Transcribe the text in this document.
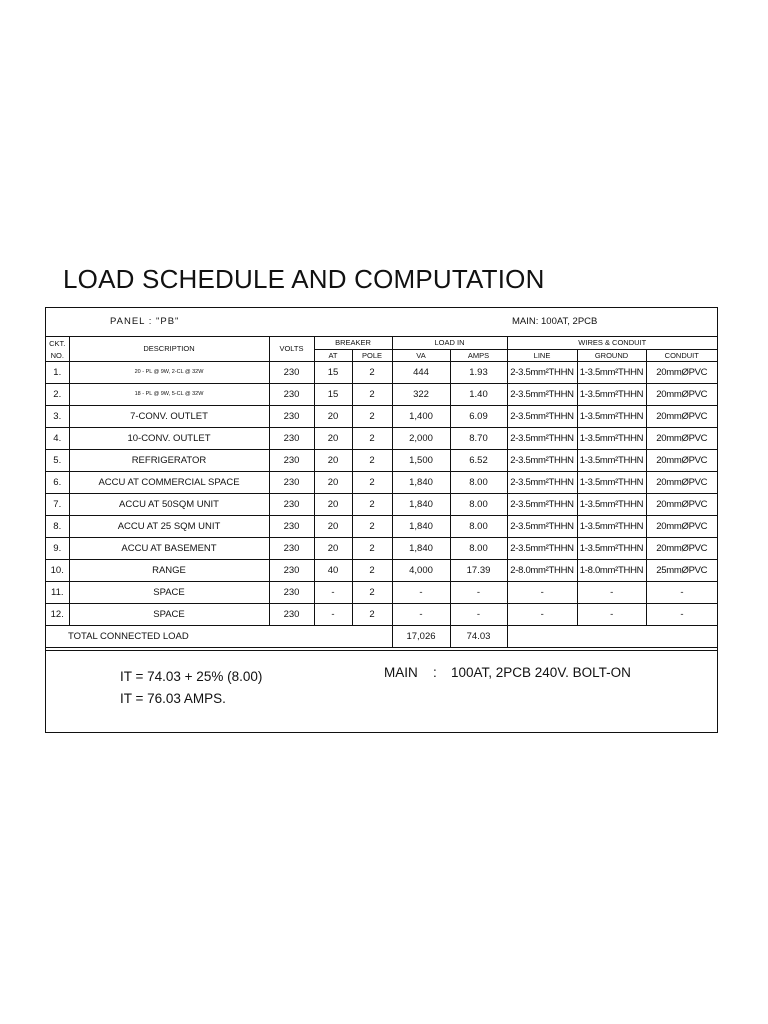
LOAD SCHEDULE AND COMPUTATION
PANEL : "PB"							MAIN: 100AT, 2PCB		
CKT.	DESCRIPTION	VOLTS	BREAKER		LOAD IN		WIRES & CONDUIT		
NO.			AT	POLE	VA	AMPS	LINE	GROUND	CONDUIT
1.	20 - PL @ 9W, 2-CL @ 32W	230	15	2	444	1.93	2-3.5mm²THHN	1-3.5mm²THHN	20mmØPVC
2.	18 - PL @ 9W, 5-CL @ 32W	230	15	2	322	1.40	2-3.5mm²THHN	1-3.5mm²THHN	20mmØPVC
3.	7-CONV. OUTLET	230	20	2	1,400	6.09	2-3.5mm²THHN	1-3.5mm²THHN	20mmØPVC
4.	10-CONV. OUTLET	230	20	2	2,000	8.70	2-3.5mm²THHN	1-3.5mm²THHN	20mmØPVC
5.	REFRIGERATOR	230	20	2	1,500	6.52	2-3.5mm²THHN	1-3.5mm²THHN	20mmØPVC
6.	ACCU AT COMMERCIAL SPACE	230	20	2	1,840	8.00	2-3.5mm²THHN	1-3.5mm²THHN	20mmØPVC
7.	ACCU AT 50SQM UNIT	230	20	2	1,840	8.00	2-3.5mm²THHN	1-3.5mm²THHN	20mmØPVC
8.	ACCU AT 25 SQM UNIT	230	20	2	1,840	8.00	2-3.5mm²THHN	1-3.5mm²THHN	20mmØPVC
9.	ACCU AT BASEMENT	230	20	2	1,840	8.00	2-3.5mm²THHN	1-3.5mm²THHN	20mmØPVC
10.	RANGE	230	40	2	4,000	17.39	2-8.0mm²THHN	1-8.0mm²THHN	25mmØPVC
11.	SPACE	230	-	2	-	-	-	-	-
12.	SPACE	230	-	2	-	-	-	-	-
TOTAL CONNECTED LOAD					17,026	74.03			
IT = 74.03 + 25% (8.00)
IT = 76.03 AMPS.
MAIN : 100AT, 2PCB 240V. BOLT-ON
